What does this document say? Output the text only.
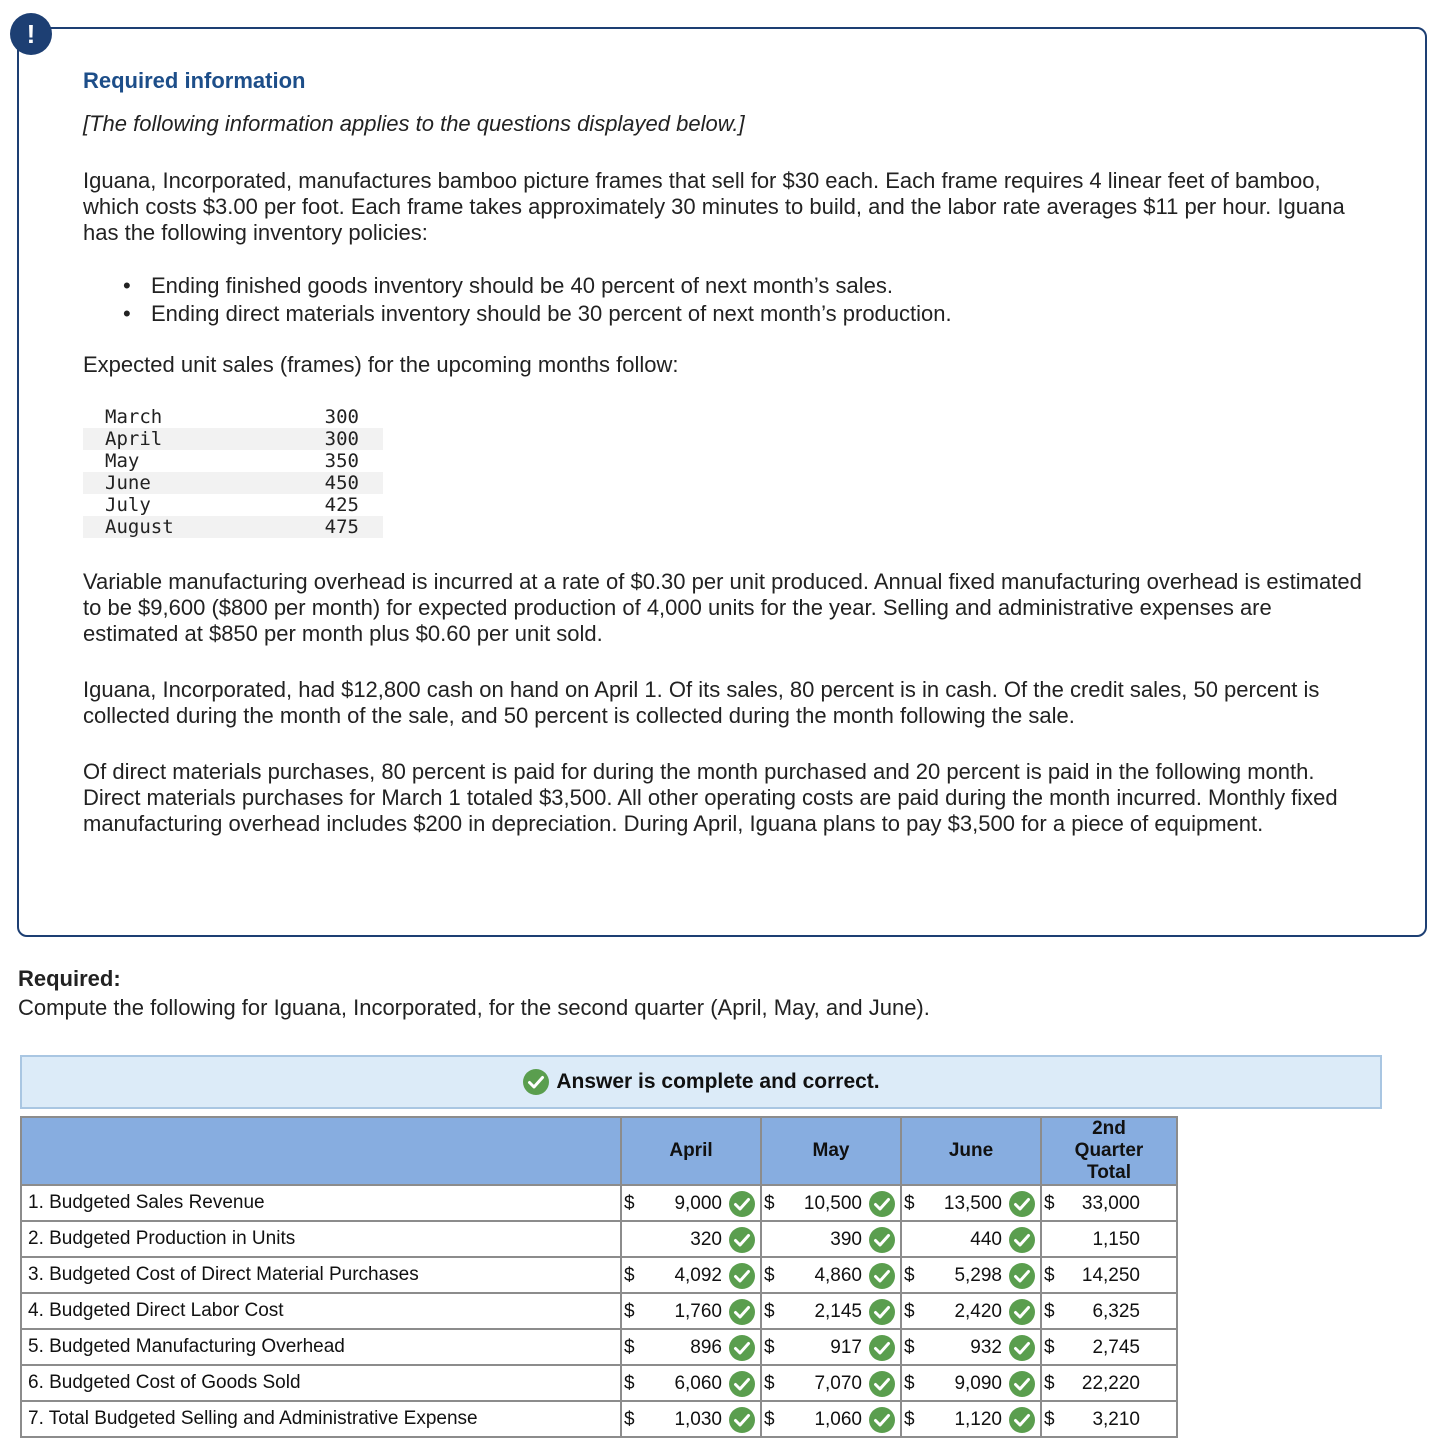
!
Required information
[The following information applies to the questions displayed below.]
Iguana, Incorporated, manufactures bamboo picture frames that sell for $30 each. Each frame requires 4 linear feet of bamboo, which costs $3.00 per foot. Each frame takes approximately 30 minutes to build, and the labor rate averages $11 per hour. Iguana has the following inventory policies:
• Ending finished goods inventory should be 40 percent of next month’s sales.
• Ending direct materials inventory should be 30 percent of next month’s production.
Expected unit sales (frames) for the upcoming months follow:
March	300
April	300
May	350
June	450
July	425
August	475
Variable manufacturing overhead is incurred at a rate of $0.30 per unit produced. Annual fixed manufacturing overhead is estimated to be $9,600 ($800 per month) for expected production of 4,000 units for the year. Selling and administrative expenses are estimated at $850 per month plus $0.60 per unit sold.
Iguana, Incorporated, had $12,800 cash on hand on April 1. Of its sales, 80 percent is in cash. Of the credit sales, 50 percent is collected during the month of the sale, and 50 percent is collected during the month following the sale.
Of direct materials purchases, 80 percent is paid for during the month purchased and 20 percent is paid in the following month. Direct materials purchases for March 1 totaled $3,500. All other operating costs are paid during the month incurred. Monthly fixed manufacturing overhead includes $200 in depreciation. During April, Iguana plans to pay $3,500 for a piece of equipment.
Required:
Compute the following for Iguana, Incorporated, for the second quarter (April, May, and June).
Answer is complete and correct.
	April	May	June	2nd Quarter Total
1. Budgeted Sales Revenue	$ 9,000	$ 10,500	$ 13,500	$ 33,000

2. Budgeted Production in Units	320	390	440	1,150

3. Budgeted Cost of Direct Material Purchases	$ 4,092	$ 4,860	$ 5,298	$ 14,250

4. Budgeted Direct Labor Cost	$ 1,760	$ 2,145	$ 2,420	$ 6,325

5. Budgeted Manufacturing Overhead	$ 896	$ 917	$ 932	$ 2,745

6. Budgeted Cost of Goods Sold	$ 6,060	$ 7,070	$ 9,090	$ 22,220

7. Total Budgeted Selling and Administrative Expense	$ 1,030	$ 1,060	$ 1,120	$ 3,210
